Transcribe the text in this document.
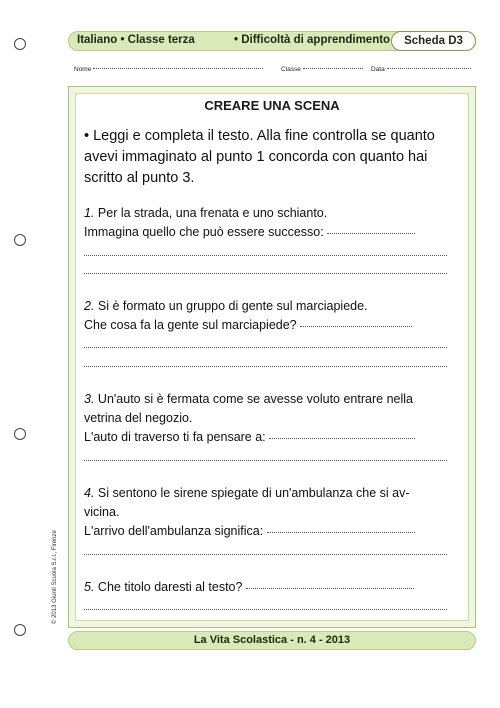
Italiano • Classe terza	• Difficoltà di apprendimento	Scheda D3
Nome	Classe	Data
CREARE UNA SCENA
• Leggi e completa il testo. Alla fine controlla se quanto avevi immaginato al punto 1 concorda con quanto hai scritto al punto 3.
1. Per la strada, una frenata e uno schianto.
Immagina quello che può essere successo:
2. Si è formato un gruppo di gente sul marciapiede.
Che cosa fa la gente sul marciapiede?
3. Un'auto si è fermata come se avesse voluto entrare nella
vetrina del negozio.
L'auto di traverso ti fa pensare a:
4. Si sentono le sirene spiegate di un'ambulanza che si av-
vicina.
L'arrivo dell'ambulanza significa:
5. Che titolo daresti al testo?
© 2013 Giunti Scuola S.r.l., Firenze
La Vita Scolastica - n. 4 - 2013
